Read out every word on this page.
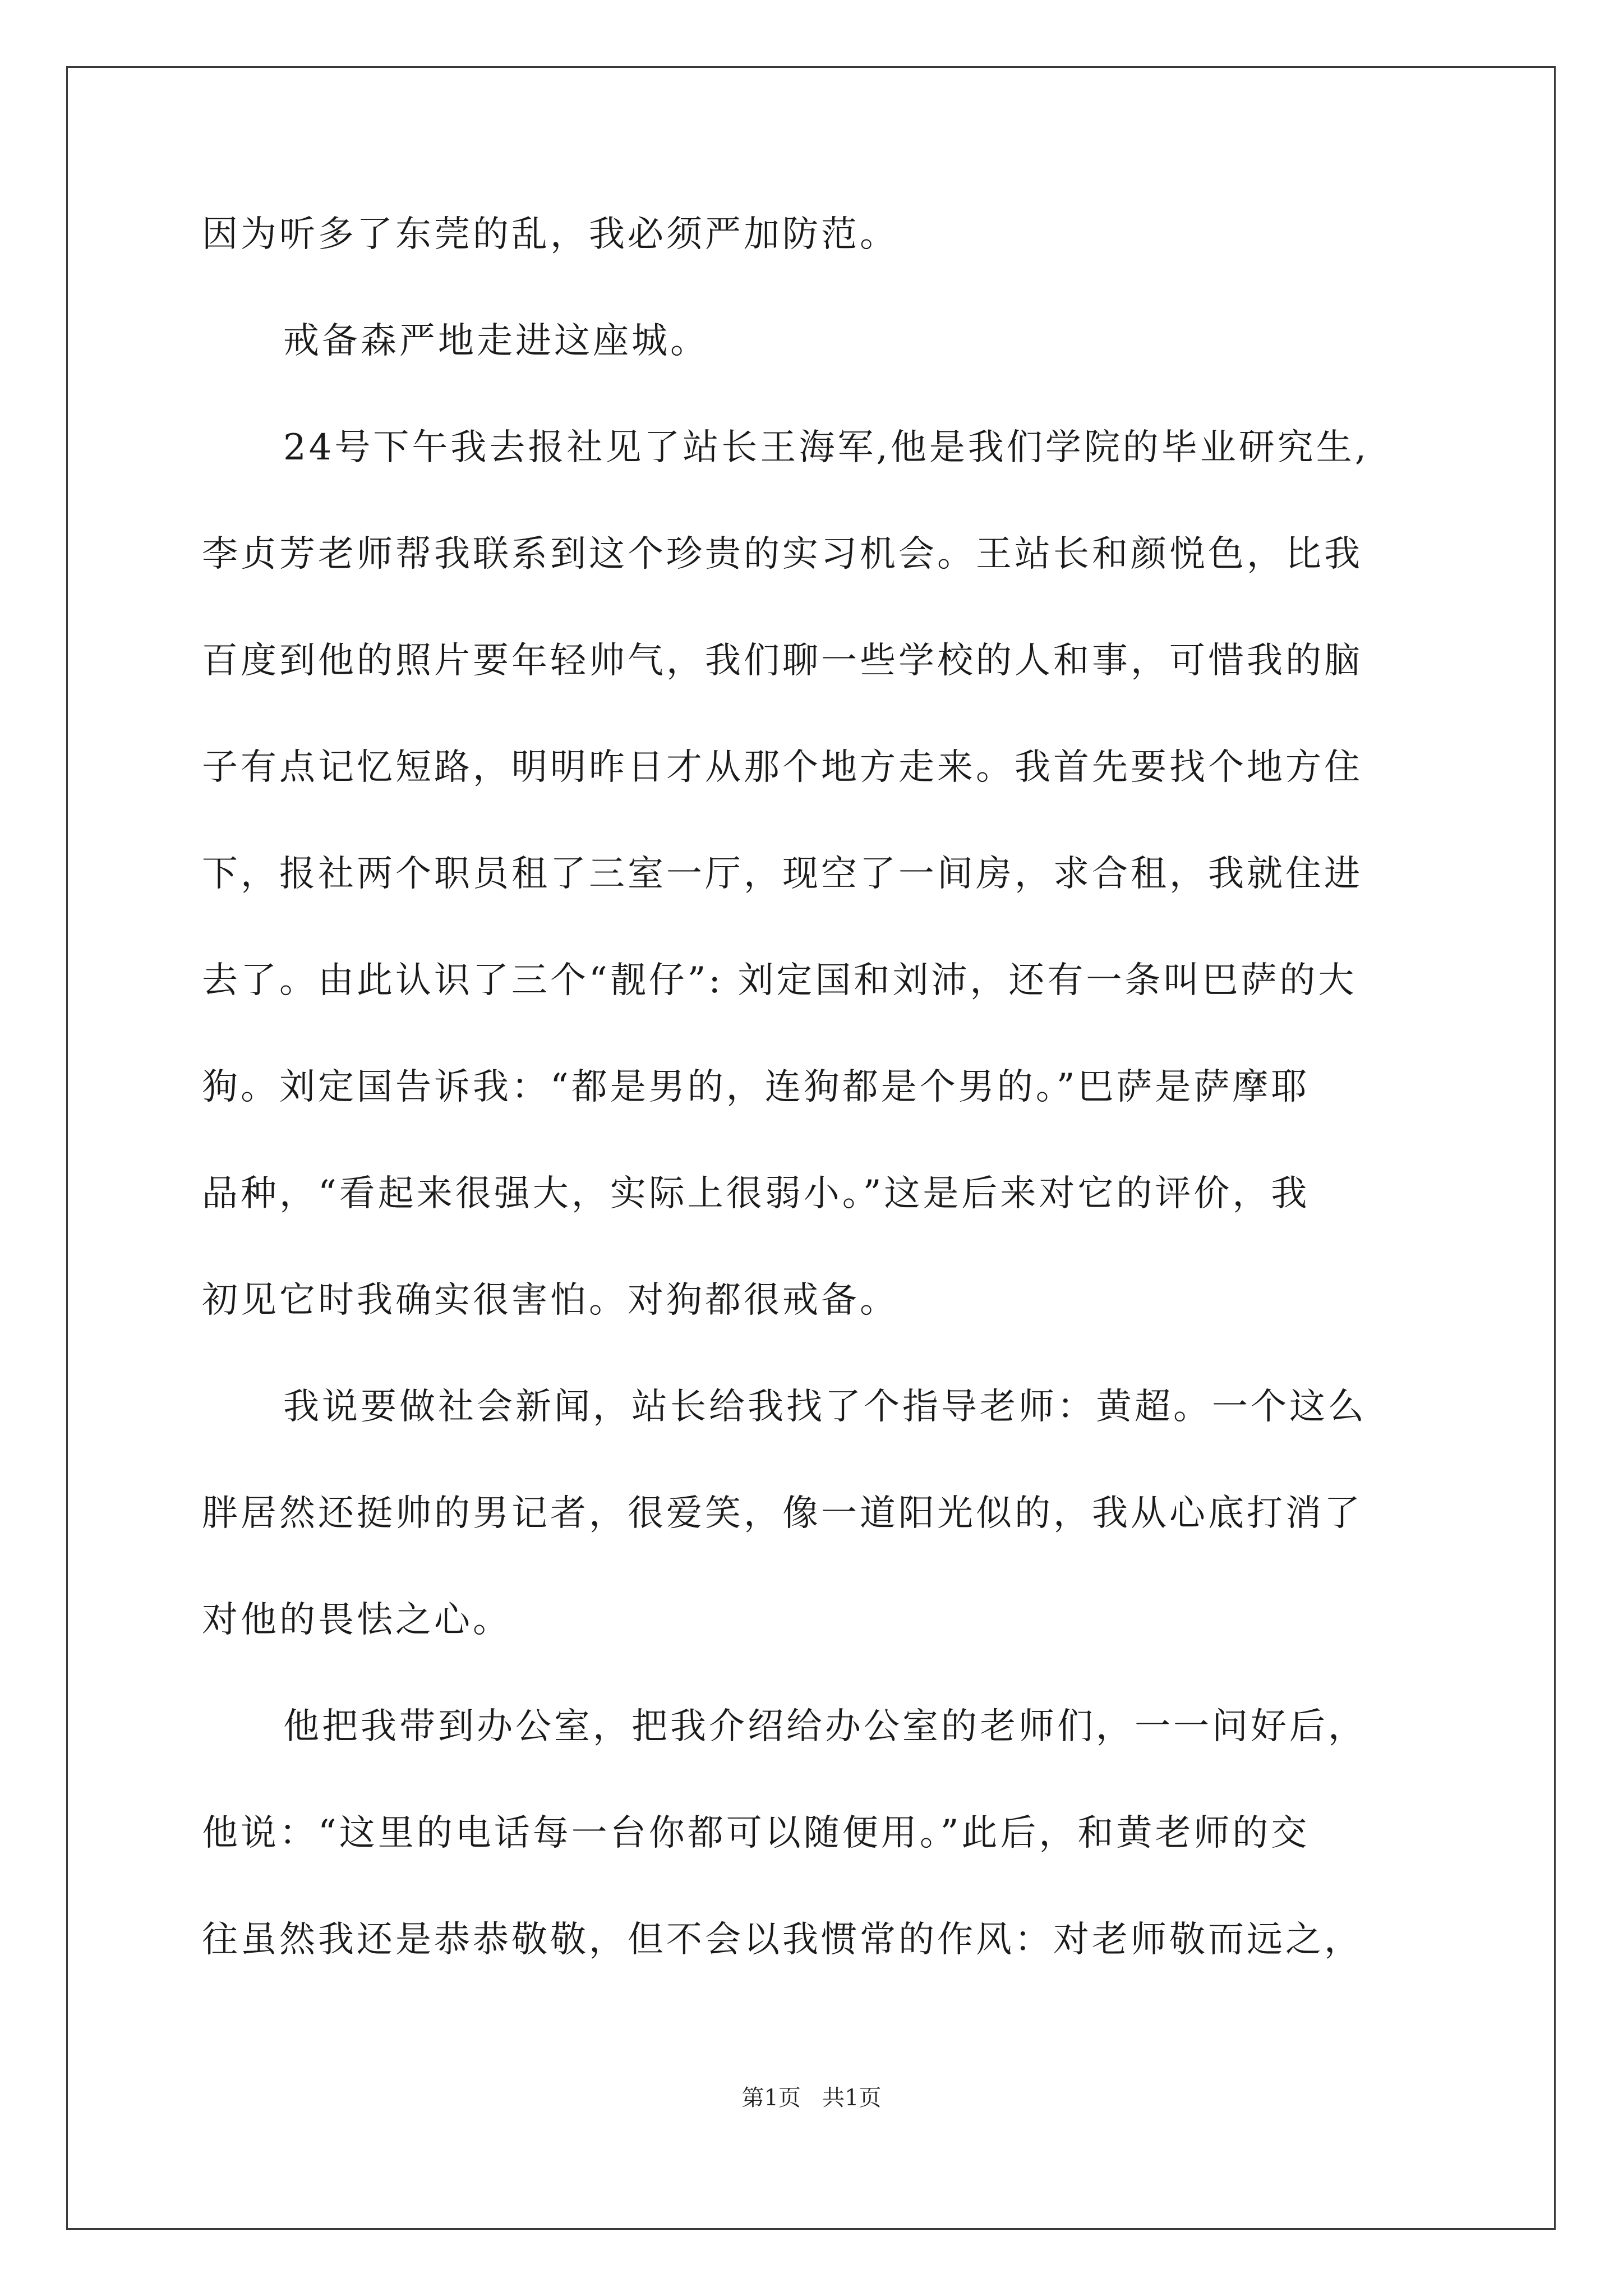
因为听多了东莞的乱，我必须严加防范。
戒备森严地走进这座城。
24号下午我去报社见了站长王海军,他是我们学院的毕业研究生,
李贞芳老师帮我联系到这个珍贵的实习机会。王站长和颜悦色，比我
百度到他的照片要年轻帅气，我们聊一些学校的人和事，可惜我的脑
子有点记忆短路，明明昨日才从那个地方走来。我首先要找个地方住
下，报社两个职员租了三室一厅，现空了一间房，求合租，我就住进
去了。由此认识了三个“靓仔”: 刘定国和刘沛，还有一条叫巴萨的大
狗。刘定国告诉我：“都是男的，连狗都是个男的。”巴萨是萨摩耶
品种，“看起来很强大，实际上很弱小。”这是后来对它的评价，我
初见它时我确实很害怕。对狗都很戒备。
我说要做社会新闻，站长给我找了个指导老师：黄超。一个这么
胖居然还挺帅的男记者，很爱笑，像一道阳光似的，我从心底打消了
对他的畏怯之心。
他把我带到办公室，把我介绍给办公室的老师们，一一问好后，
他说：“这里的电话每一台你都可以随便用。”此后，和黄老师的交
往虽然我还是恭恭敬敬，但不会以我惯常的作风：对老师敬而远之，
第1页   共1页
